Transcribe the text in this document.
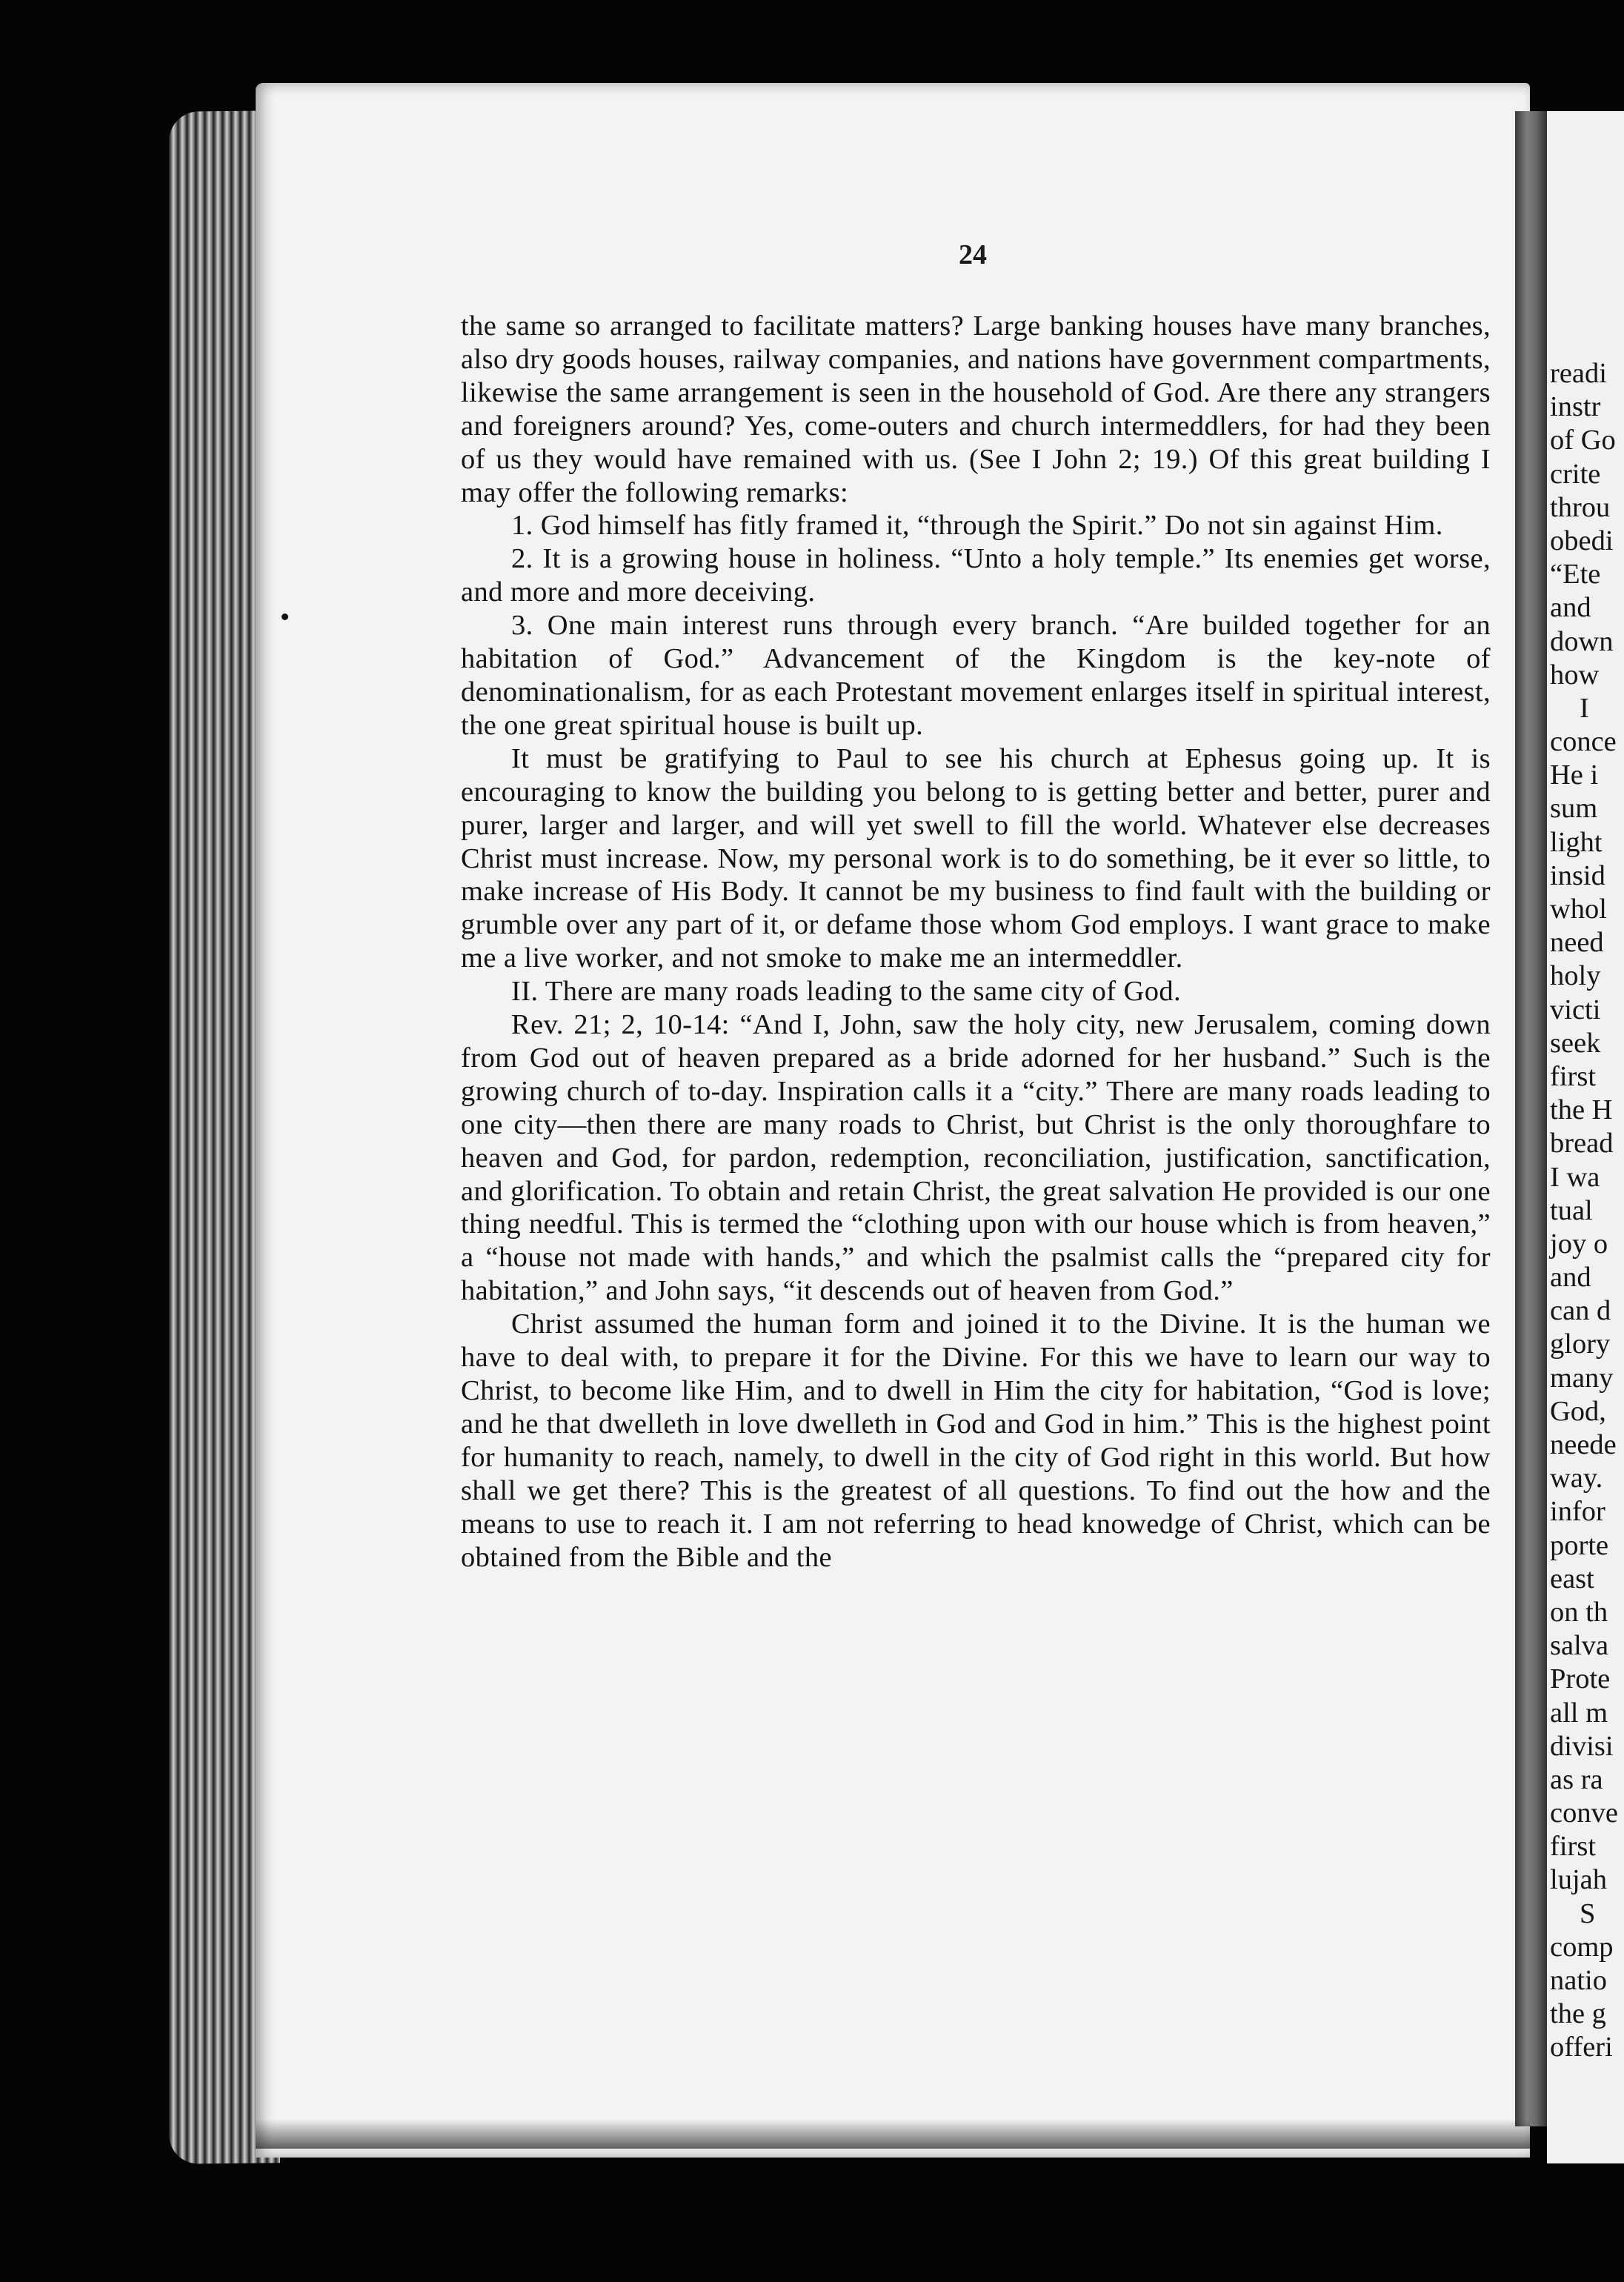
24

the same so arranged to facilitate matters? Large banking houses have many branches, also dry goods houses, railway companies, and nations have government compartments, likewise the same arrangement is seen in the household of God. Are there any strangers and foreigners around? Yes, come-outers and church intermeddlers, for had they been of us they would have remained with us. (See I John 2; 19.) Of this great building I may offer the following remarks:

1. God himself has fitly framed it, “through the Spirit.” Do not sin against Him.

2. It is a growing house in holiness. “Unto a holy temple.” Its enemies get worse, and more and more deceiving.

3. One main interest runs through every branch. “Are builded together for an habitation of God.” Advancement of the Kingdom is the key-note of denominationalism, for as each Protestant movement enlarges itself in spiritual interest, the one great spiritual house is built up.

It must be gratifying to Paul to see his church at Ephesus going up. It is encouraging to know the building you belong to is getting better and better, purer and purer, larger and larger, and will yet swell to fill the world. Whatever else decreases Christ must increase. Now, my personal work is to do something, be it ever so little, to make increase of His Body. It cannot be my business to find fault with the building or grumble over any part of it, or defame those whom God employs. I want grace to make me a live worker, and not smoke to make me an intermeddler.

II. There are many roads leading to the same city of God.

Rev. 21; 2, 10-14: “And I, John, saw the holy city, new Jerusalem, coming down from God out of heaven prepared as a bride adorned for her husband.” Such is the growing church of to-day. Inspiration calls it a “city.” There are many roads leading to one city—then there are many roads to Christ, but Christ is the only thoroughfare to heaven and God, for pardon, redemption, reconciliation, justification, sanctification, and glorification. To obtain and retain Christ, the great salvation He provided is our one thing needful. This is termed the “clothing upon with our house which is from heaven,” a “house not made with hands,” and which the psalmist calls the “prepared city for habitation,” and John says, “it descends out of heaven from God.”

Christ assumed the human form and joined it to the Divine. It is the human we have to deal with, to prepare it for the Divine. For this we have to learn our way to Christ, to become like Him, and to dwell in Him the city for habitation, “God is love; and he that dwelleth in love dwelleth in God and God in him.” This is the highest point for humanity to reach, namely, to dwell in the city of God right in this world. But how shall we get there? This is the greatest of all questions. To find out the how and the means to use to reach it. I am not referring to head knowedge of Christ, which can be obtained from the Bible and the

readi
instr
of Go
crite
throu
obedi
“Ete
and
down
how
I
conce
He i
sum
light
insid
whol
need
holy
victi
seek
first
the H
bread
I wa
tual
joy o
and
can d
glory
many
God,
neede
way.
infor
porte
east
on th
salva
Prote
all m
divisi
as ra
conve
first
lujah
S
comp
natio
the g
offeri
